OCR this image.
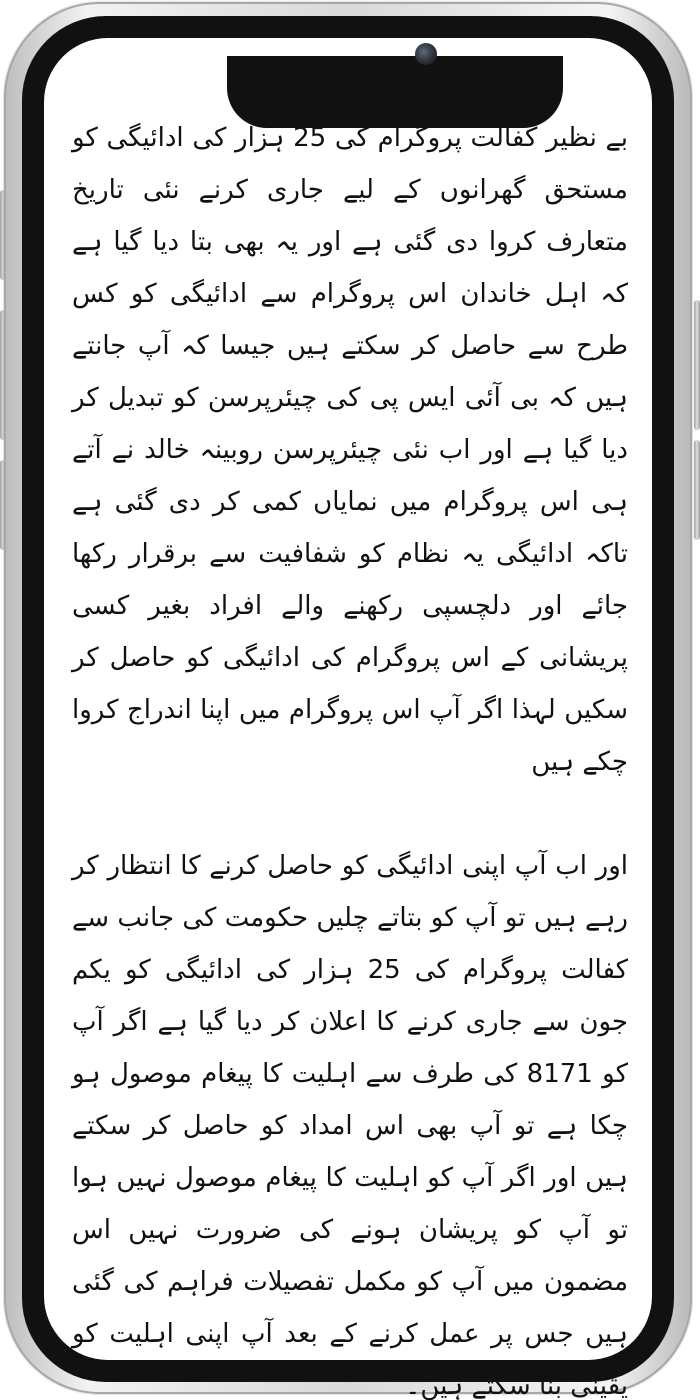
بے نظیر کفالت پروگرام کی 25 ہزار کی ادائیگی کو مستحق گھرانوں کے لیے جاری کرنے نئی تاریخ متعارف کروا دی گئی ہے اور یہ بھی بتا دیا گیا ہے کہ اہل خاندان اس پروگرام سے ادائیگی کو کس طرح سے حاصل کر سکتے ہیں جیسا کہ آپ جانتے ہیں کہ بی آئی ایس پی کی چیئرپرسن کو تبدیل کر دیا گیا ہے اور اب نئی چیئرپرسن روبینہ خالد نے آتے ہی اس پروگرام میں نمایاں کمی کر دی گئی ہے تاکہ ادائیگی یہ نظام کو شفافیت سے برقرار رکھا جائے اور دلچسپی رکھنے والے افراد بغیر کسی پریشانی کے اس پروگرام کی ادائیگی کو حاصل کر سکیں لہذا اگر آپ اس پروگرام میں اپنا اندراج کروا چکے ہیں

اور اب آپ اپنی ادائیگی کو حاصل کرنے کا انتظار کر رہے ہیں تو آپ کو بتاتے چلیں حکومت کی جانب سے کفالت پروگرام کی 25 ہزار کی ادائیگی کو یکم جون سے جاری کرنے کا اعلان کر دیا گیا ہے اگر آپ کو 8171 کی طرف سے اہلیت کا پیغام موصول ہو چکا ہے تو آپ بھی اس امداد کو حاصل کر سکتے ہیں اور اگر آپ کو اہلیت کا پیغام موصول نہیں ہوا تو آپ کو پریشان ہونے کی ضرورت نہیں اس مضمون میں آپ کو مکمل تفصیلات فراہم کی گئی ہیں جس پر عمل کرنے کے بعد آپ اپنی اہلیت کو یقینی بنا سکتے ہیں۔
